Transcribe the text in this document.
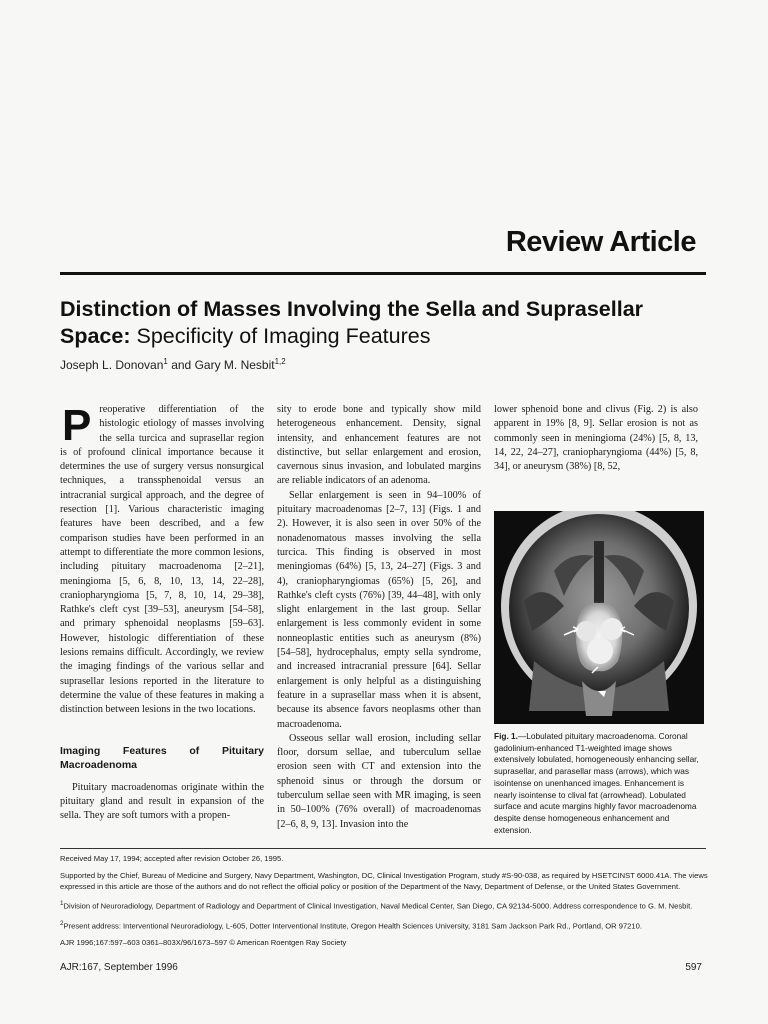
Review Article
Distinction of Masses Involving the Sella and Suprasellar Space: Specificity of Imaging Features
Joseph L. Donovan$^1$ and Gary M. Nesbit$^{1,2}$

Preoperative differentiation of the histologic etiology of masses involving the sella turcica and suprasellar region is of profound clinical importance because it determines the use of surgery versus nonsurgical techniques, a transsphenoidal versus an intracranial surgical approach, and the degree of resection [1]. Various characteristic imaging features have been described, and a few comparison studies have been performed in an attempt to differentiate the more common lesions, including pituitary macroadenoma [2–21], meningioma [5, 6, 8, 10, 13, 14, 22–28], craniopharyngioma [5, 7, 8, 10, 14, 29–38], Rathke's cleft cyst [39–53], aneurysm [54–58], and primary sphenoidal neoplasms [59–63]. However, histologic differentiation of these lesions remains difficult. Accordingly, we review the imaging findings of the various sellar and suprasellar lesions reported in the literature to determine the value of these features in making a distinction between lesions in the two locations.

Imaging Features of Pituitary Macroadenoma

Pituitary macroadenomas originate within the pituitary gland and result in expansion of the sella. They are soft tumors with a propen-

sity to erode bone and typically show mild heterogeneous enhancement. Density, signal intensity, and enhancement features are not distinctive, but sellar enlargement and erosion, cavernous sinus invasion, and lobulated margins are reliable indicators of an adenoma.

Sellar enlargement is seen in 94–100% of pituitary macroadenomas [2–7, 13] (Figs. 1 and 2). However, it is also seen in over 50% of the nonadenomatous masses involving the sella turcica. This finding is observed in most meningiomas (64%) [5, 13, 24–27] (Figs. 3 and 4), craniopharyngiomas (65%) [5, 26], and Rathke's cleft cysts (76%) [39, 44–48], with only slight enlargement in the last group. Sellar enlargement is less commonly evident in some nonneoplastic entities such as aneurysm (8%) [54–58], hydrocephalus, empty sella syndrome, and increased intracranial pressure [64]. Sellar enlargement is only helpful as a distinguishing feature in a suprasellar mass when it is absent, because its absence favors neoplasms other than macroadenoma.

Osseous sellar wall erosion, including sellar floor, dorsum sellae, and tuberculum sellae erosion seen with CT and extension into the sphenoid sinus or through the dorsum or tuberculum sellae seen with MR imaging, is seen in 50–100% (76% overall) of macroadenomas [2–6, 8, 9, 13]. Invasion into the

lower sphenoid bone and clivus (Fig. 2) is also apparent in 19% [8, 9]. Sellar erosion is not as commonly seen in meningioma (24%) [5, 8, 13, 14, 22, 24–27], craniopharyngioma (44%) [5, 8, 34], or aneurysm (38%) [8, 52,

Fig. 1.—Lobulated pituitary macroadenoma. Coronal gadolinium-enhanced T1-weighted image shows extensively lobulated, homogeneously enhancing sellar, suprasellar, and parasellar mass (arrows), which was isointense on unenhanced images. Enhancement is nearly isointense to clival fat (arrowhead). Lobulated surface and acute margins highly favor macroadenoma despite dense homogeneous enhancement and extension.

Received May 17, 1994; accepted after revision October 26, 1995.

Supported by the Chief, Bureau of Medicine and Surgery, Navy Department, Washington, DC, Clinical Investigation Program, study #S-90-038, as required by HSETCINST 6000.41A. The views expressed in this article are those of the authors and do not reflect the official policy or position of the Department of the Navy, Department of Defense, or the United States Government.

$^1$Division of Neuroradiology, Department of Radiology and Department of Clinical Investigation, Naval Medical Center, San Diego, CA 92134-5000. Address correspondence to G. M. Nesbit.

$^2$Present address: Interventional Neuroradiology, L-605, Dotter Interventional Institute, Oregon Health Sciences University, 3181 Sam Jackson Park Rd., Portland, OR 97210.

AJR 1996;167:597–603 0361–803X/96/1673–597 © American Roentgen Ray Society

AJR:167, September 1996	597
